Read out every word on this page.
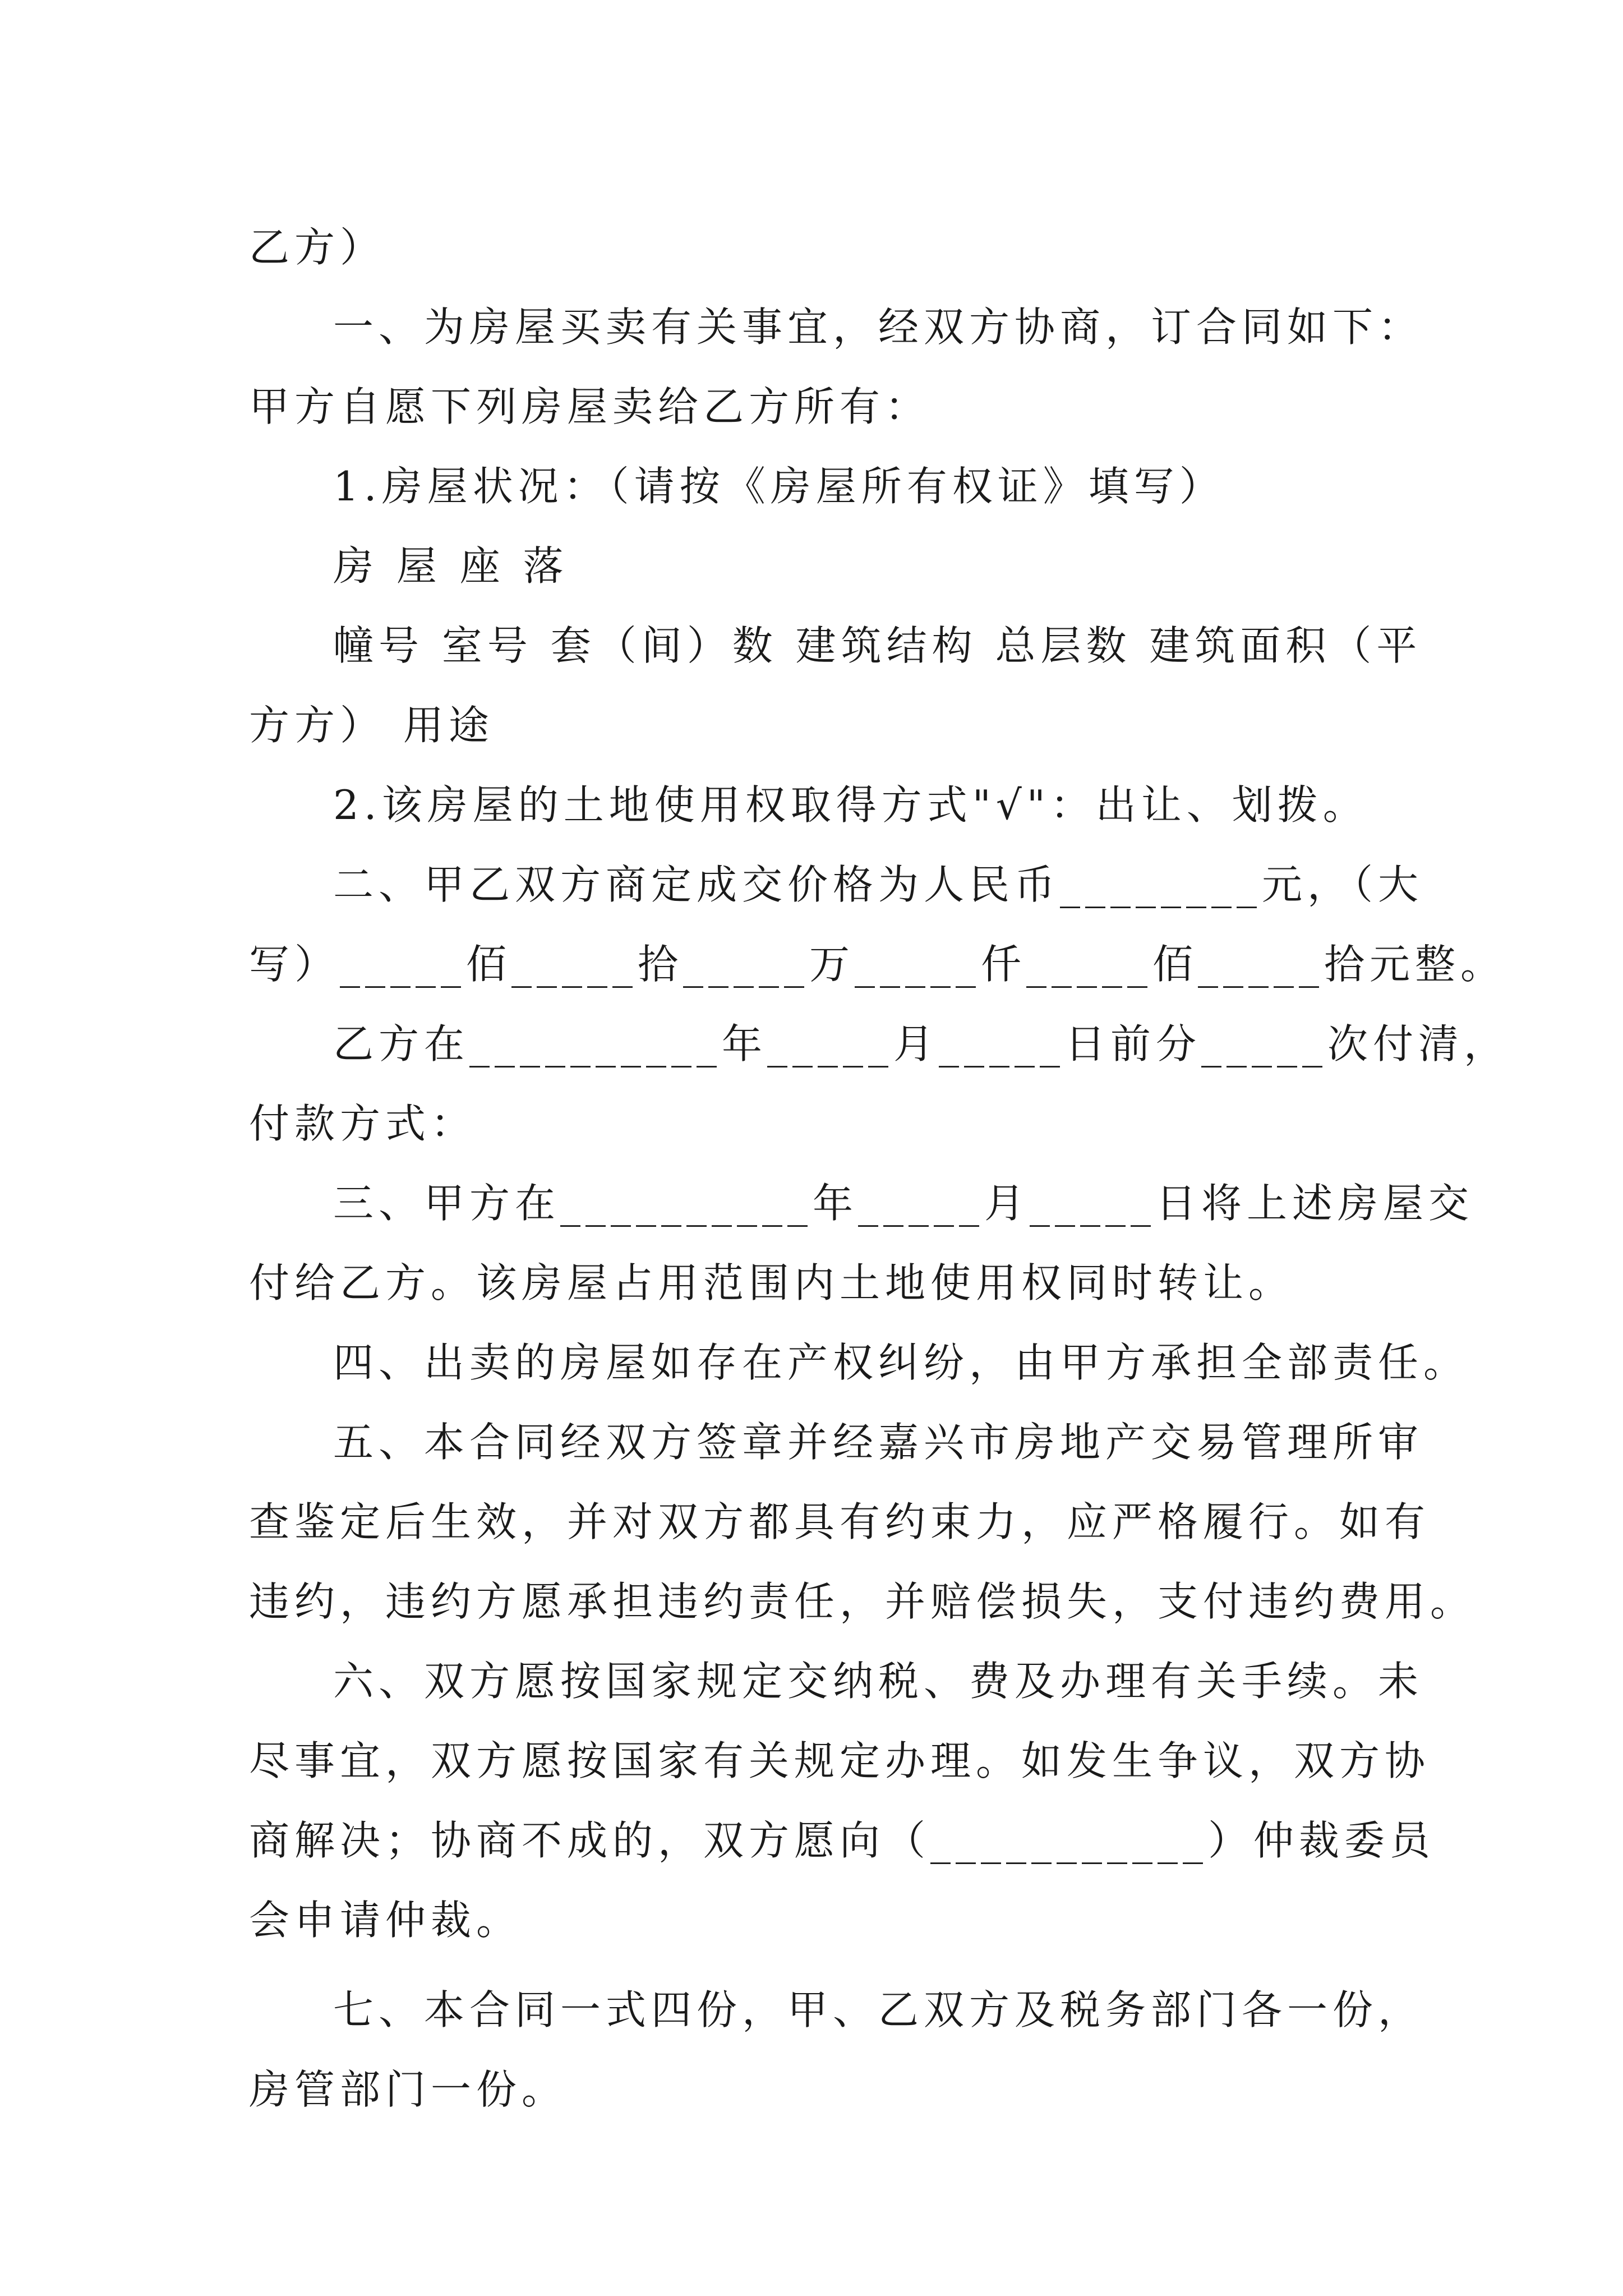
乙方）
一、为房屋买卖有关事宜，经双方协商，订合同如下：
甲方自愿下列房屋卖给乙方所有：
1.房屋状况：（请按《房屋所有权证》填写）
房 屋 座 落
幢号 室号 套（间）数 建筑结构 总层数 建筑面积（平
方方） 用途
2.该房屋的土地使用权取得方式"√"：出让、划拨。
二、甲乙双方商定成交价格为人民币________元，（大
写）_____佰_____拾_____万_____仟_____佰_____拾元整。
乙方在__________年_____月_____日前分_____次付清，
付款方式：
三、甲方在__________年_____月_____日将上述房屋交
付给乙方。该房屋占用范围内土地使用权同时转让。
四、出卖的房屋如存在产权纠纷，由甲方承担全部责任。
五、本合同经双方签章并经嘉兴市房地产交易管理所审
查鉴定后生效，并对双方都具有约束力，应严格履行。如有
违约，违约方愿承担违约责任，并赔偿损失，支付违约费用。
六、双方愿按国家规定交纳税、费及办理有关手续。未
尽事宜，双方愿按国家有关规定办理。如发生争议，双方协
商解决；协商不成的，双方愿向（___________）仲裁委员
会申请仲裁。
七、本合同一式四份，甲、乙双方及税务部门各一份，
房管部门一份。
